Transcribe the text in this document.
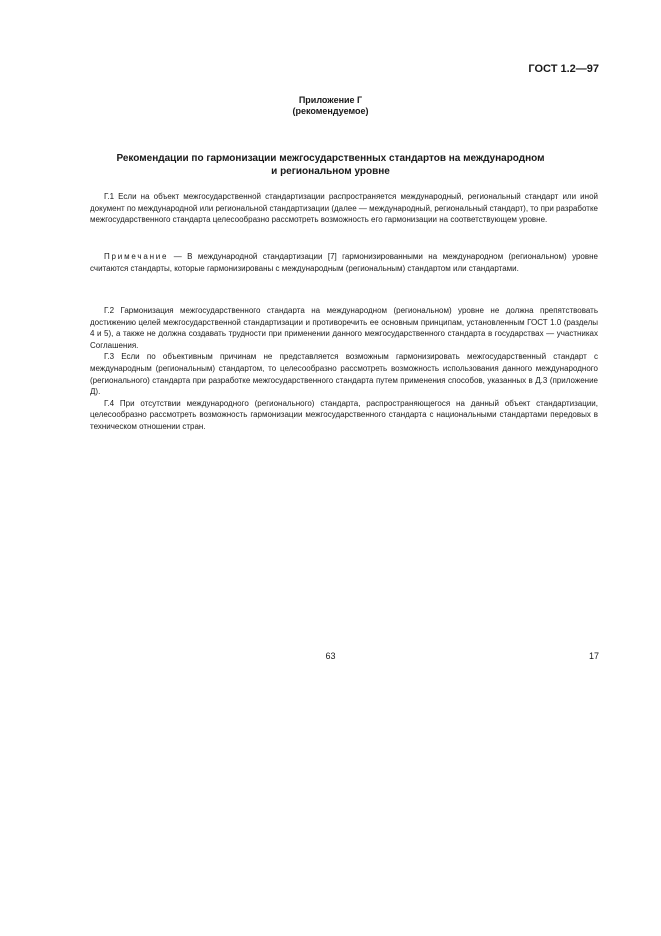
ГОСТ 1.2—97
Приложение Г
(рекомендуемое)
Рекомендации по гармонизации межгосударственных стандартов на международном
и региональном уровне

Г.1 Если на объект межгосударственной стандартизации распространяется международный, региональный стандарт или иной документ по международной или региональной стандартизации (далее — международный, региональный стандарт), то при разработке межгосударственного стандарта целесообразно рассмотреть возможность его гармонизации на соответствующем уровне.

Примечание — В международной стандартизации [7] гармонизированными на международном (региональном) уровне считаются стандарты, которые гармонизированы с международным (региональным) стандартом или стандартами.

Г.2 Гармонизация межгосударственного стандарта на международном (региональном) уровне не должна препятствовать достижению целей межгосударственной стандартизации и противоречить ее основным принципам, установленным ГОСТ 1.0 (разделы 4 и 5), а также не должна создавать трудности при применении данного межгосударственного стандарта в государствах — участниках Соглашения.

Г.3 Если по объективным причинам не представляется возможным гармонизировать межгосударственный стандарт с международным (региональным) стандартом, то целесообразно рассмотреть возможность использования данного международного (регионального) стандарта при разработке межгосударственного стандарта путем применения способов, указанных в Д.3 (приложение Д).

Г.4 При отсутствии международного (регионального) стандарта, распространяющегося на данный объект стандартизации, целесообразно рассмотреть возможность гармонизации межгосударственного стандарта с национальными стандартами передовых в техническом отношении стран.

63	17
